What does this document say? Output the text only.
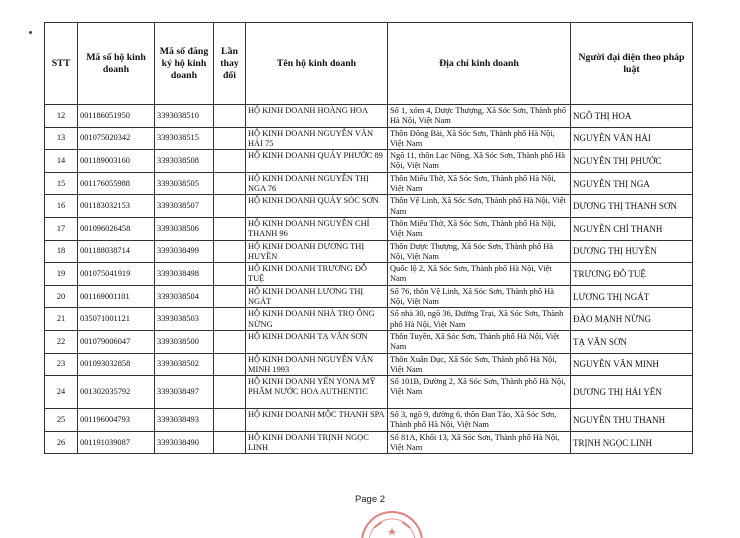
STT	Mã số hộ kinh doanh	Mã số đăng ký hộ kinh doanh	Lần thay đổi	Tên hộ kinh doanh	Địa chỉ kinh doanh	Người đại diện theo pháp luật
12	001186051950	3393038510		HỘ KINH DOANH HOÀNG HOA	Số 1, xóm 4, Dược Thượng, Xã Sóc Sơn, Thành phố Hà Nội, Việt Nam	NGÔ THỊ HOA
13	001075020342	3393038515		HỘ KINH DOANH NGUYỄN VĂN HẢI 75	Thôn Đông Bài, Xã Sóc Sơn, Thành phố Hà Nội, Việt Nam	NGUYỄN VĂN HẢI
14	001189003160	3393038508		HỘ KINH DOANH QUẢY PHƯỚC 89	Ngõ 11, thôn Lạc Nông, Xã Sóc Sơn, Thành phố Hà Nội, Việt Nam	NGUYỄN THỊ PHƯỚC
15	001176055988	3393038505		HỘ KINH DOANH NGUYỄN THỊ NGA 76	Thôn Miếu Thờ, Xã Sóc Sơn, Thành phố Hà Nội, Việt Nam	NGUYỄN THỊ NGA
16	001183032153	3393038507		HỘ KINH DOANH QUẢY SÓC SƠN	Thôn Vệ Linh, Xã Sóc Sơn, Thành phố Hà Nội, Việt Nam	DƯƠNG THỊ THANH SƠN
17	001096026458	3393038506		HỘ KINH DOANH NGUYỄN CHÍ THANH 96	Thôn Miếu Thờ, Xã Sóc Sơn, Thành phố Hà Nội, Việt Nam	NGUYỄN CHÍ THANH
18	001188038714	3393038499		HỘ KINH DOANH DƯƠNG THỊ HUYỀN	Thôn Dược Thượng, Xã Sóc Sơn, Thành phố Hà Nội, Việt Nam	DƯƠNG THỊ HUYỀN
19	001075041919	3393038498		HỘ KINH DOANH TRƯƠNG ĐỖ TUỆ	Quốc lộ 2, Xã Sóc Sơn, Thành phố Hà Nội, Việt Nam	TRƯƠNG ĐỖ TUỆ
20	001169001101	3393038504		HỘ KINH DOANH LƯƠNG THỊ NGÁT	Số 76, thôn Vệ Linh, Xã Sóc Sơn, Thành phố Hà Nội, Việt Nam	LƯƠNG THỊ NGÁT
21	035071001121	3393038503		HỘ KINH DOANH NHÀ TRỌ ÔNG NỪNG	Số nhà 30, ngõ 36, Đường Trại, Xã Sóc Sơn, Thành phố Hà Nội, Việt Nam	ĐÀO MẠNH NỪNG
22	001079006047	3393038500		HỘ KINH DOANH TẠ VĂN SƠN	Thôn Tuyền, Xã Sóc Sơn, Thành phố Hà Nội, Việt Nam	TẠ VĂN SƠN
23	001093032858	3393038502		HỘ KINH DOANH NGUYỄN VĂN MINH 1993	Thôn Xuân Dục, Xã Sóc Sơn, Thành phố Hà Nội, Việt Nam	NGUYỄN VĂN MINH
24	001302035792	3393038497		HỘ KINH DOANH YẾN YONA MỸ PHẨM NƯỚC HOA AUTHENTIC	Số 101B, Đường 2, Xã Sóc Sơn, Thành phố Hà Nội, Việt Nam	DƯƠNG THỊ HẢI YẾN
25	001196004793	3393038493		HỘ KINH DOANH MỘC THANH SPA	Số 3, ngõ 9, đường 6, thôn Đan Tảo, Xã Sóc Sơn, Thành phố Hà Nội, Việt Nam	NGUYỄN THU THANH
26	001191039087	3393038490		HỘ KINH DOANH TRỊNH NGỌC LINH	Số 81A, Khối 13, Xã Sóc Sơn, Thành phố Hà Nội, Việt Nam	TRỊNH NGỌC LINH
Page 2
